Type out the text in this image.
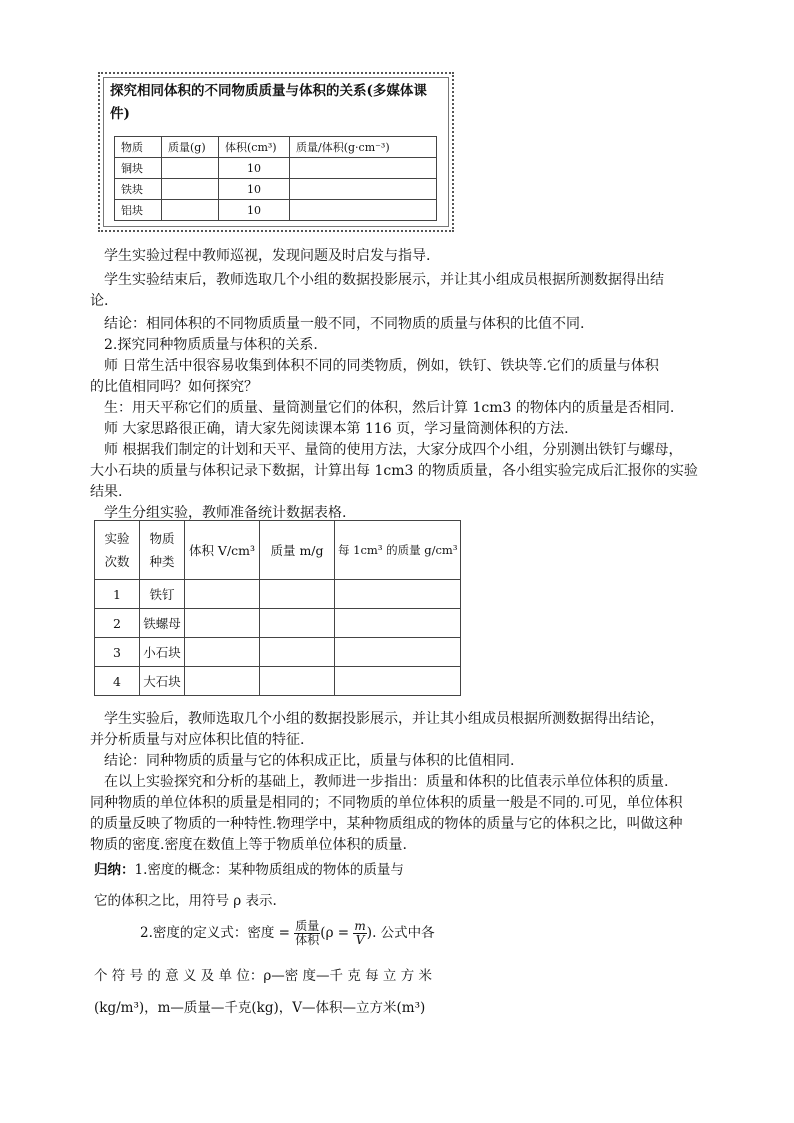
探究相同体积的不同物质质量与体积的关系(多媒体课件)
物质	质量(g)	体积(cm³)	质量/体积(g·cm⁻³)
铜块		10	
铁块		10	
铝块		10	
学生实验过程中教师巡视，发现问题及时启发与指导.
学生实验结束后，教师选取几个小组的数据投影展示，并让其小组成员根据所测数据得出结
论.
结论：相同体积的不同物质质量一般不同，不同物质的质量与体积的比值不同.
2.探究同种物质质量与体积的关系.
师 日常生活中很容易收集到体积不同的同类物质，例如，铁钉、铁块等.它们的质量与体积
的比值相同吗？如何探究？
生：用天平称它们的质量、量筒测量它们的体积，然后计算 1cm3 的物体内的质量是否相同.
师 大家思路很正确，请大家先阅读课本第 116 页，学习量筒测体积的方法.
师 根据我们制定的计划和天平、量筒的使用方法，大家分成四个小组，分别测出铁钉与螺母，
大小石块的质量与体积记录下数据，计算出每 1cm3 的物质质量，各小组实验完成后汇报你的实验
结果.
学生分组实验，教师准备统计数据表格.
实验
次数	物质
种类	体积 V/cm³	质量 m/g	每 1cm³ 的质量 g/cm³
1	铁钉			
2	铁螺母			
3	小石块			
4	大石块			
学生实验后，教师选取几个小组的数据投影展示，并让其小组成员根据所测数据得出结论，
并分析质量与对应体积比值的特征.
结论：同种物质的质量与它的体积成正比，质量与体积的比值相同.
在以上实验探究和分析的基础上，教师进一步指出：质量和体积的比值表示单位体积的质量.
同种物质的单位体积的质量是相同的；不同物质的单位体积的质量一般是不同的.可见，单位体积
的质量反映了物质的一种特性.物理学中，某种物质组成的物体的质量与它的体积之比，叫做这种
物质的密度.密度在数值上等于物质单位体积的质量.
归纳：1.密度的概念：某种物质组成的物体的质量与
它的体积之比，用符号 ρ 表示.
2.密度的定义式：密度 = $\frac{\text{质量}}{\text{体积}} (\rho = \frac{m}{V}$ ). 公式中各
个 符 号 的 意 义 及 单 位：ρ—密 度—千 克 每 立 方 米
(kg/m³)，m—质量—千克(kg)，V—体积—立方米(m³)
